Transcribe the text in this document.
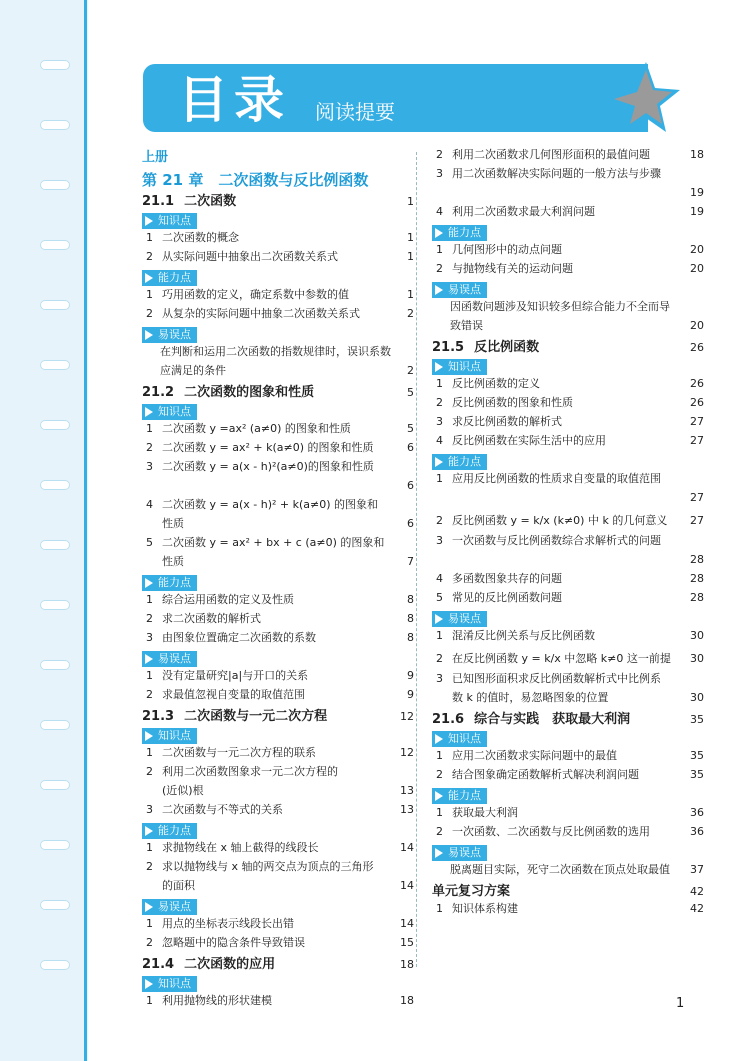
目录 阅读提要
上册
第 21 章　二次函数与反比例函数
21.1 二次函数	1
知识点
1 二次函数的概念	1
2 从实际问题中抽象出二次函数关系式	1
能力点
1 巧用函数的定义，确定系数中参数的值	1
2 从复杂的实际问题中抽象二次函数关系式	2
易误点
在判断和运用二次函数的指数规律时，误识系数
应满足的条件	2
21.2 二次函数的图象和性质	5
知识点
1 二次函数 y =ax² (a≠0) 的图象和性质	5
2 二次函数 y = ax² + k(a≠0) 的图象和性质	6
3 二次函数 y = a(x - h)²(a≠0)的图象和性质
6
4 二次函数 y = a(x - h)² + k(a≠0) 的图象和
性质	6
5 二次函数 y = ax² + bx + c (a≠0) 的图象和
性质	7
能力点
1 综合运用函数的定义及性质	8
2 求二次函数的解析式	8
3 由图象位置确定二次函数的系数	8
易误点
1 没有定量研究|a|与开口的关系	9
2 求最值忽视自变量的取值范围	9
21.3 二次函数与一元二次方程	12
知识点
1 二次函数与一元二次方程的联系	12
2 利用二次函数图象求一元二次方程的
(近似)根	13
3 二次函数与不等式的关系	13
能力点
1 求抛物线在 x 轴上截得的线段长	14
2 求以抛物线与 x 轴的两交点为顶点的三角形
的面积	14
易误点
1 用点的坐标表示线段长出错	14
2 忽略题中的隐含条件导致错误	15
21.4 二次函数的应用	18
知识点
1 利用抛物线的形状建模	18
2 利用二次函数求几何图形面积的最值问题	18
3 用二次函数解决实际问题的一般方法与步骤
19
4 利用二次函数求最大利润问题	19
能力点
1 几何图形中的动点问题	20
2 与抛物线有关的运动问题	20
易误点
因函数问题涉及知识较多但综合能力不全而导
致错误	20
21.5 反比例函数	26
知识点
1 反比例函数的定义	26
2 反比例函数的图象和性质	26
3 求反比例函数的解析式	27
4 反比例函数在实际生活中的应用	27
能力点
1 应用反比例函数的性质求自变量的取值范围
27
2 反比例函数 y = k/x (k≠0) 中 k 的几何意义 27
3 一次函数与反比例函数综合求解析式的问题
28
4 多函数图象共存的问题	28
5 常见的反比例函数问题	28
易误点
1 混淆反比例关系与反比例函数	30
2 在反比例函数 y = k/x 中忽略 k≠0 这一前提 30
3 已知图形面积求反比例函数解析式中比例系
数 k 的值时，易忽略图象的位置	30
21.6 综合与实践　获取最大利润	35
知识点
1 应用二次函数求实际问题中的最值	35
2 结合图象确定函数解析式解决利润问题	35
能力点
1 获取最大利润	36
2 一次函数、二次函数与反比例函数的选用	36
易误点
脱离题目实际，死守二次函数在顶点处取最值 37
单元复习方案	42
1 知识体系构建	42
1
